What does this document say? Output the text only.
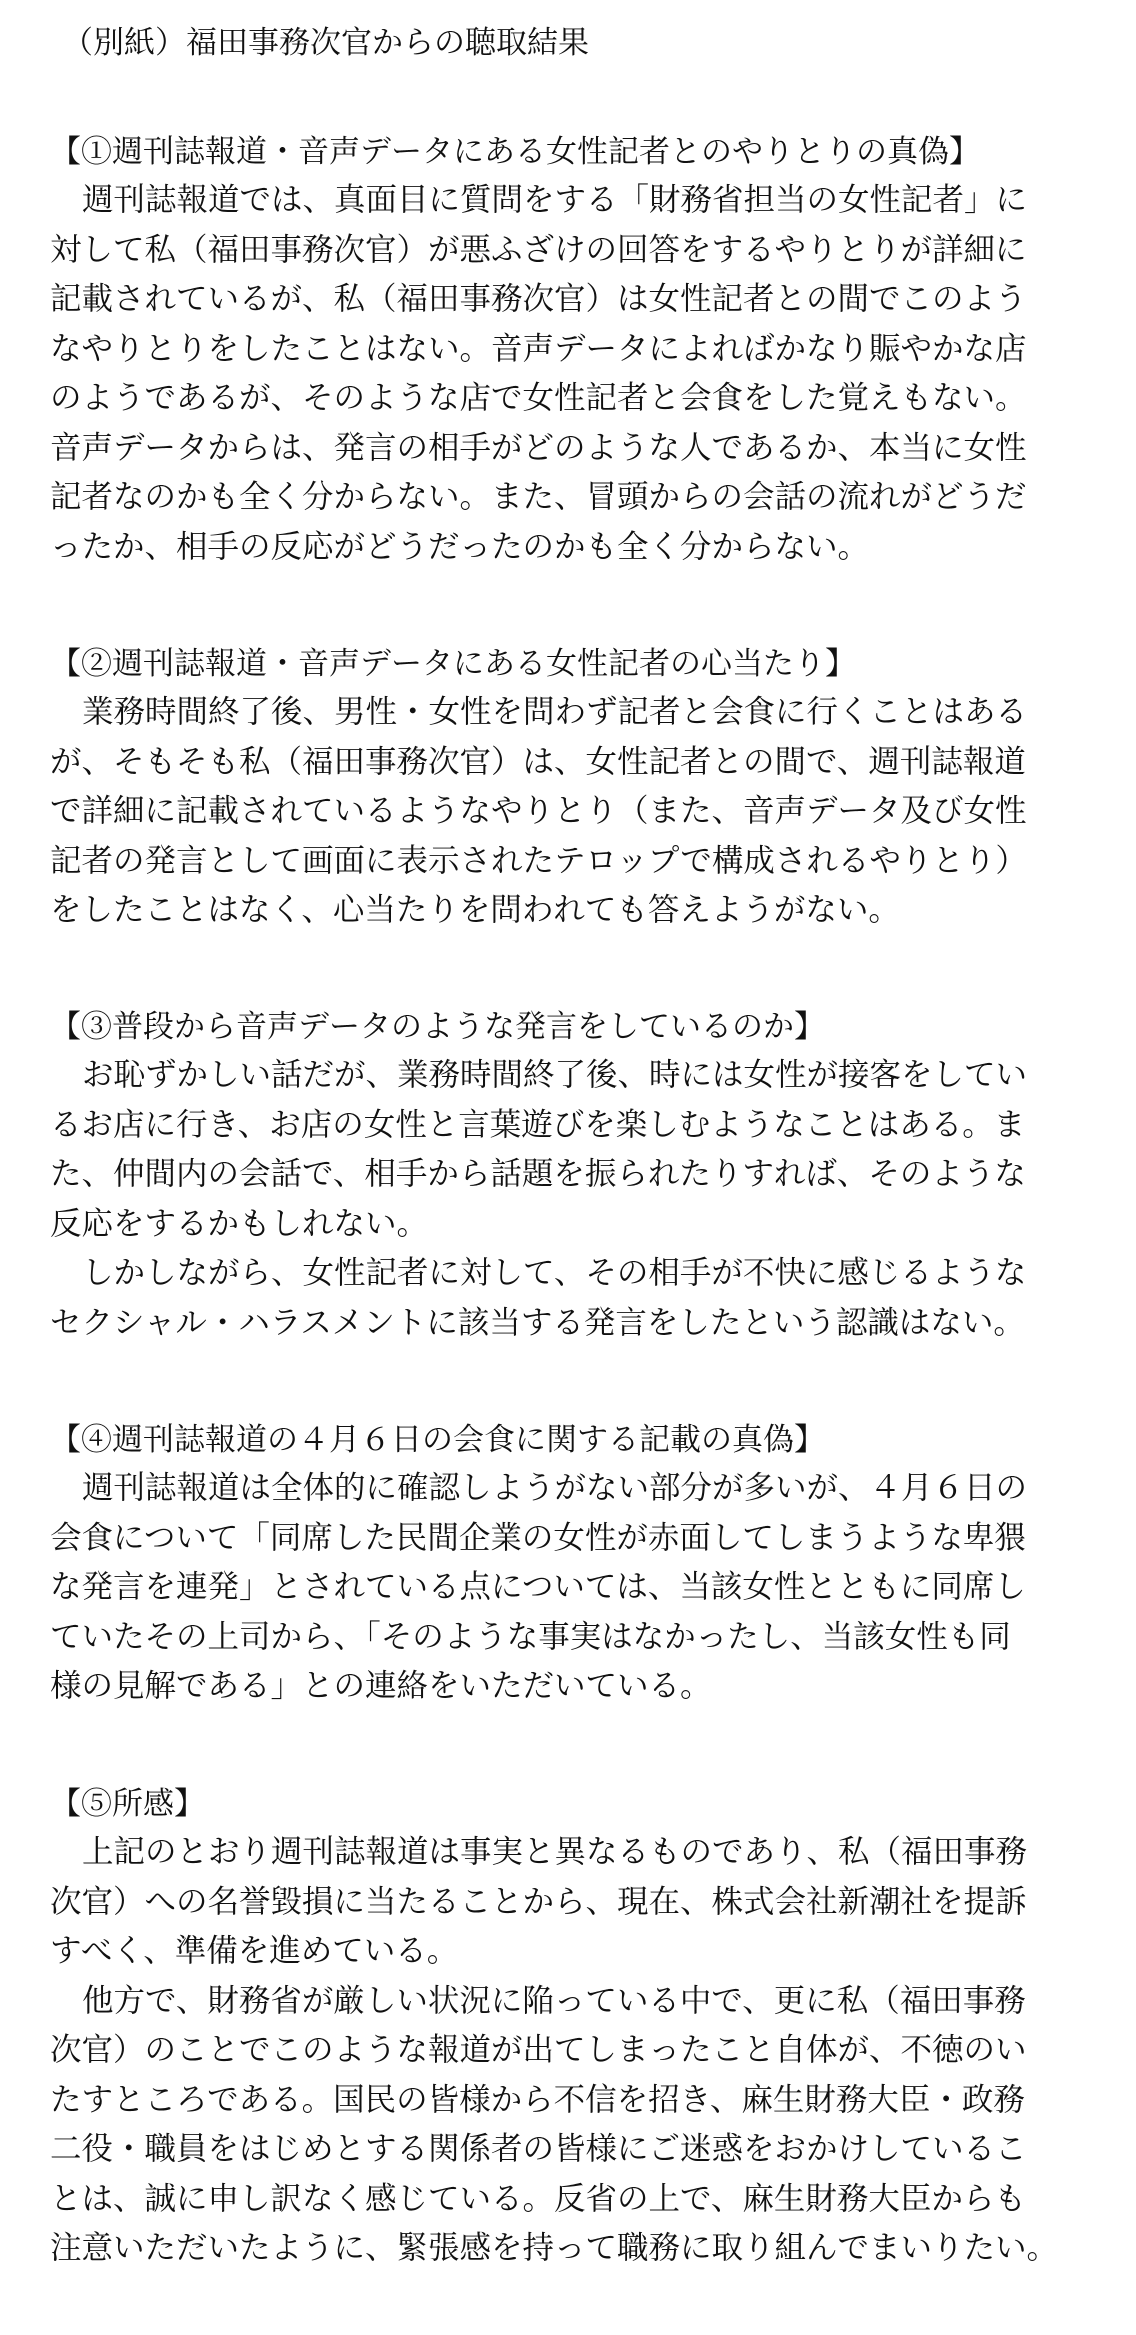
（別紙）福田事務次官からの聴取結果
【①週刊誌報道・音声データにある女性記者とのやりとりの真偽】
週刊誌報道では、真面目に質問をする「財務省担当の女性記者」に
対して私（福田事務次官）が悪ふざけの回答をするやりとりが詳細に
記載されているが、私（福田事務次官）は女性記者との間でこのよう
なやりとりをしたことはない。音声データによればかなり賑やかな店
のようであるが、そのような店で女性記者と会食をした覚えもない。
音声データからは、発言の相手がどのような人であるか、本当に女性
記者なのかも全く分からない。また、冒頭からの会話の流れがどうだ
ったか、相手の反応がどうだったのかも全く分からない。
【②週刊誌報道・音声データにある女性記者の心当たり】
業務時間終了後、男性・女性を問わず記者と会食に行くことはある
が、そもそも私（福田事務次官）は、女性記者との間で、週刊誌報道
で詳細に記載されているようなやりとり（また、音声データ及び女性
記者の発言として画面に表示されたテロップで構成されるやりとり）
をしたことはなく、心当たりを問われても答えようがない。
【③普段から音声データのような発言をしているのか】
お恥ずかしい話だが、業務時間終了後、時には女性が接客をしてい
るお店に行き、お店の女性と言葉遊びを楽しむようなことはある。ま
た、仲間内の会話で、相手から話題を振られたりすれば、そのような
反応をするかもしれない。
しかしながら、女性記者に対して、その相手が不快に感じるような
セクシャル・ハラスメントに該当する発言をしたという認識はない。
【④週刊誌報道の４月６日の会食に関する記載の真偽】
週刊誌報道は全体的に確認しようがない部分が多いが、４月６日の
会食について「同席した民間企業の女性が赤面してしまうような卑猥
な発言を連発」とされている点については、当該女性とともに同席し
ていたその上司から、「そのような事実はなかったし、当該女性も同
様の見解である」との連絡をいただいている。
【⑤所感】
上記のとおり週刊誌報道は事実と異なるものであり、私（福田事務
次官）への名誉毀損に当たることから、現在、株式会社新潮社を提訴
すべく、準備を進めている。
他方で、財務省が厳しい状況に陥っている中で、更に私（福田事務
次官）のことでこのような報道が出てしまったこと自体が、不徳のい
たすところである。国民の皆様から不信を招き、麻生財務大臣・政務
二役・職員をはじめとする関係者の皆様にご迷惑をおかけしているこ
とは、誠に申し訳なく感じている。反省の上で、麻生財務大臣からも
注意いただいたように、緊張感を持って職務に取り組んでまいりたい。
